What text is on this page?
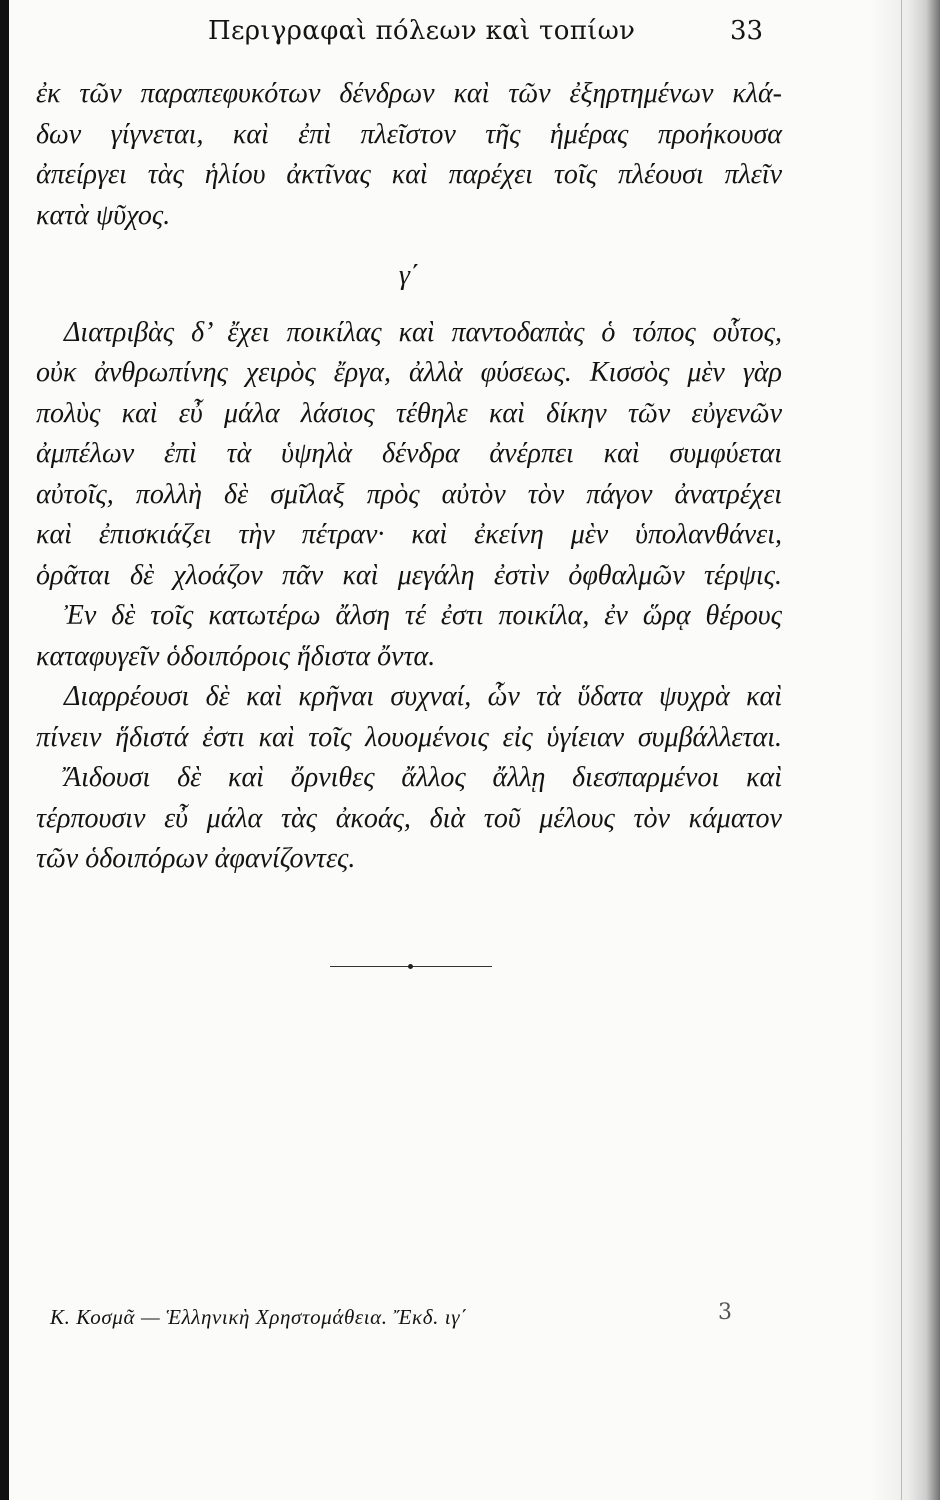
Περιγραφαὶ πόλεων καὶ τοπίων	33
ἐκ τῶν παραπεφυκότων δένδρων καὶ τῶν ἐξηρτημένων κλά-
δων γίγνεται, καὶ ἐπὶ πλεῖστον τῆς ἡμέρας προήκουσα
ἀπείργει τὰς ἡλίου ἀκτῖνας καὶ παρέχει τοῖς πλέουσι πλεῖν
κατὰ ψῦχος.
γ΄
Διατριβὰς δ’ ἔχει ποικίλας καὶ παντοδαπὰς ὁ τόπος οὗτος,
οὐκ ἀνθρωπίνης χειρὸς ἔργα, ἀλλὰ φύσεως. Κισσὸς μὲν γὰρ
πολὺς καὶ εὖ μάλα λάσιος τέθηλε καὶ δίκην τῶν εὐγενῶν
ἀμπέλων ἐπὶ τὰ ὑψηλὰ δένδρα ἀνέρπει καὶ συμφύεται
αὐτοῖς, πολλὴ δὲ σμῖλαξ πρὸς αὐτὸν τὸν πάγον ἀνατρέχει
καὶ ἐπισκιάζει τὴν πέτραν· καὶ ἐκείνη μὲν ὑπολανθάνει,
ὁρᾶται δὲ χλοάζον πᾶν καὶ μεγάλη ἐστὶν ὀφθαλμῶν τέρψις.
Ἐν δὲ τοῖς κατωτέρω ἄλση τέ ἐστι ποικίλα, ἐν ὥρᾳ θέρους
καταφυγεῖν ὁδοιπόροις ἥδιστα ὄντα.
Διαρρέουσι δὲ καὶ κρῆναι συχναί, ὧν τὰ ὕδατα ψυχρὰ καὶ
πίνειν ἥδιστά ἐστι καὶ τοῖς λουομένοις εἰς ὑγίειαν συμβάλλεται.
Ἄιδουσι δὲ καὶ ὄρνιθες ἄλλος ἄλλῃ διεσπαρμένοι καὶ
τέρπουσιν εὖ μάλα τὰς ἀκοάς, διὰ τοῦ μέλους τὸν κάματον
τῶν ὁδοιπόρων ἀφανίζοντες.
Κ. Κοσμᾶ — Ἑλληνικὴ Χρηστομάθεια. Ἔκδ. ιγ΄	3
